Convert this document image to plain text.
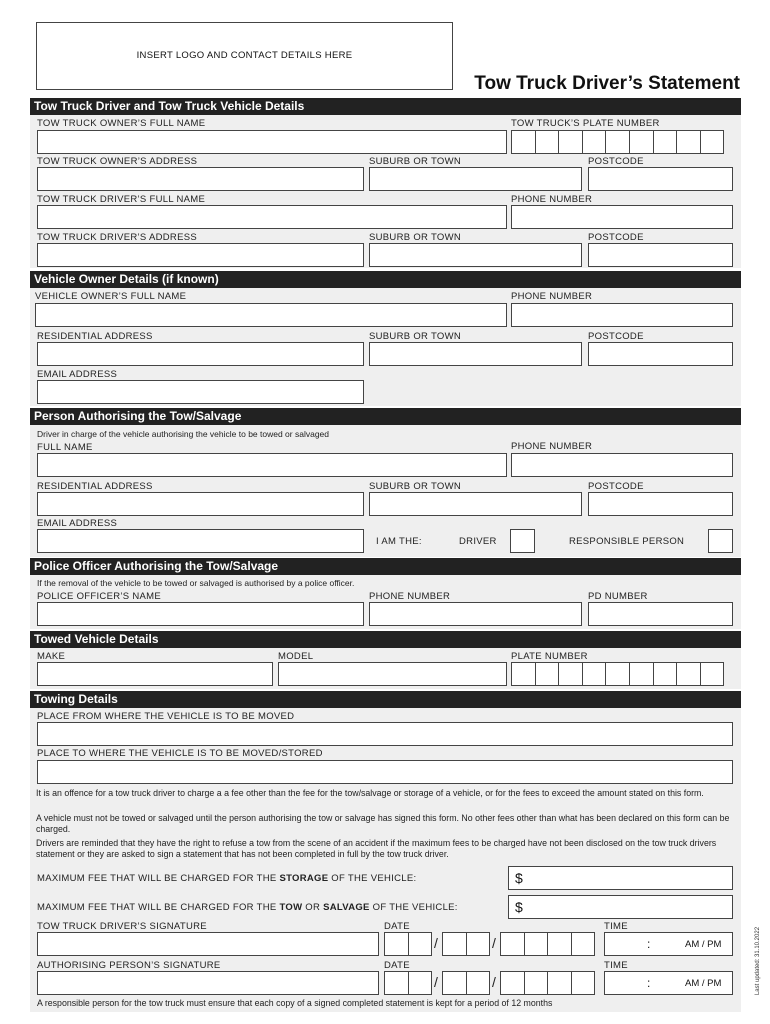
INSERT LOGO AND CONTACT DETAILS HERE
Tow Truck Driver’s Statement
Tow Truck Driver and Tow Truck Vehicle Details
TOW TRUCK OWNER’S FULL NAME	TOW TRUCK’S PLATE NUMBER
TOW TRUCK OWNER’S ADDRESS	SUBURB OR TOWN	POSTCODE
TOW TRUCK DRIVER’S FULL NAME	PHONE NUMBER
TOW TRUCK DRIVER’S ADDRESS	SUBURB OR TOWN	POSTCODE
Vehicle Owner Details (if known)
VEHICLE OWNER’S FULL NAME	PHONE NUMBER
RESIDENTIAL ADDRESS	SUBURB OR TOWN	POSTCODE
EMAIL ADDRESS
Person Authorising the Tow/Salvage
Driver in charge of the vehicle authorising the vehicle to be towed or salvaged
FULL NAME	PHONE NUMBER
RESIDENTIAL ADDRESS	SUBURB OR TOWN	POSTCODE
EMAIL ADDRESS
I AM THE:	DRIVER	RESPONSIBLE PERSON
Police Officer Authorising the Tow/Salvage
If the removal of the vehicle to be towed or salvaged is authorised by a police officer.
POLICE OFFICER’S NAME	PHONE NUMBER	PD NUMBER
Towed Vehicle Details
MAKE	MODEL	PLATE NUMBER
Towing Details
PLACE FROM WHERE THE VEHICLE IS TO BE MOVED
PLACE TO WHERE THE VEHICLE IS TO BE MOVED/STORED
It is an offence for a tow truck driver to charge a a fee other than the fee for the tow/salvage or storage of a vehicle, or for the fees to exceed the amount stated on this form.
A vehicle must not be towed or salvaged until the person authorising the tow or salvage has signed this form. No other fees other than what has been declared on this form can be charged.
Drivers are reminded that they have the right to refuse a tow from the scene of an accident if the maximum fees to be charged have not been disclosed on the tow truck drivers statement or they are asked to sign a statement that has not been completed in full by the tow truck driver.
MAXIMUM FEE THAT WILL BE CHARGED FOR THE STORAGE OF THE VEHICLE:	$
MAXIMUM FEE THAT WILL BE CHARGED FOR THE TOW OR SALVAGE OF THE VEHICLE:	$
TOW TRUCK DRIVER’S SIGNATURE	DATE	TIME
/	/	:	AM / PM
AUTHORISING PERSON’S SIGNATURE	DATE	TIME
/	/	:	AM / PM
A responsible person for the tow truck must ensure that each copy of a signed completed statement is kept for a period of 12 months
Last updated: 31.10.2022
